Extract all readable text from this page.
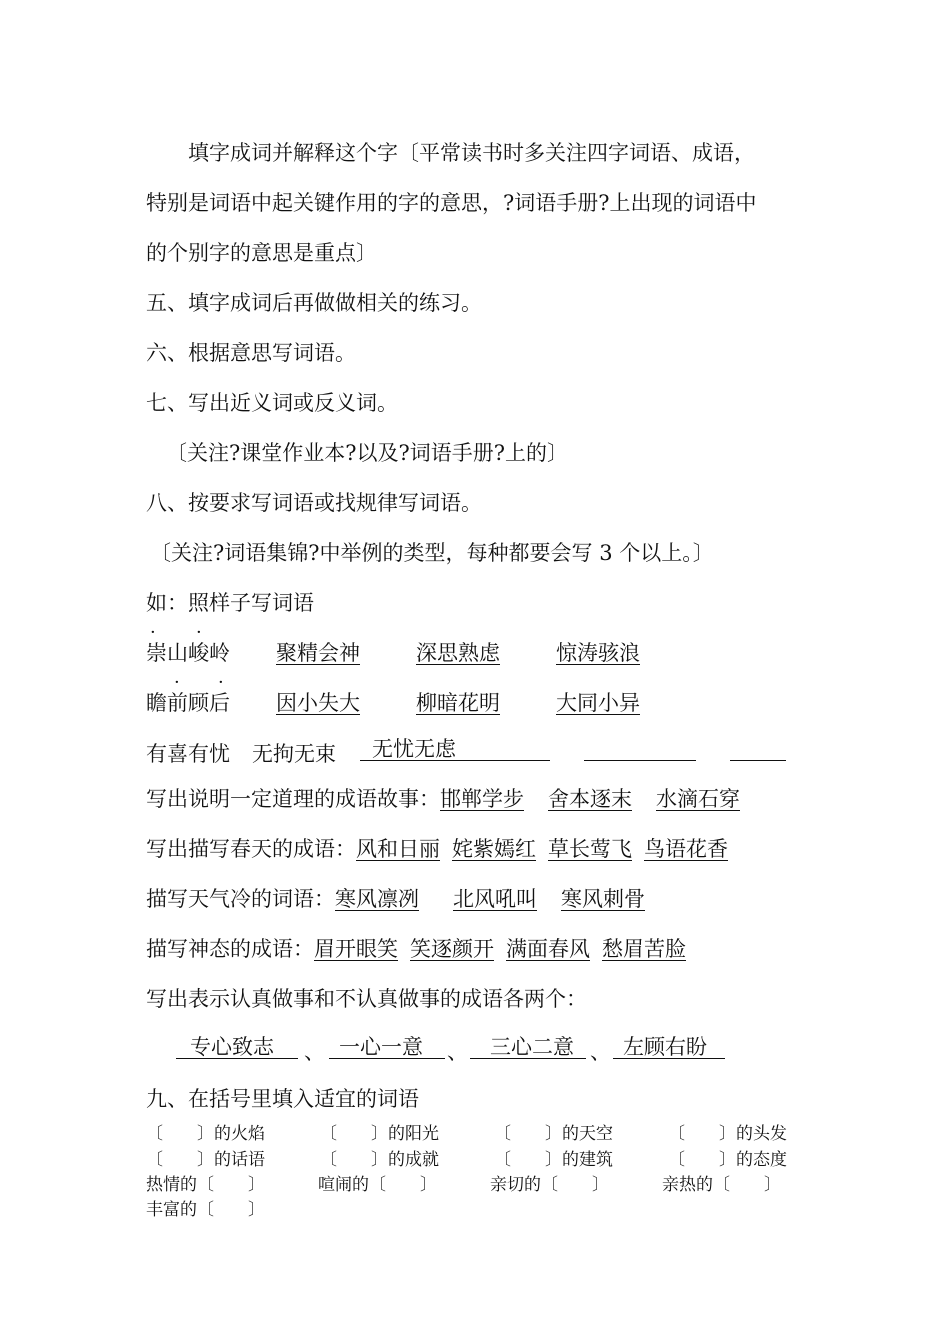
填字成词并解释这个字〔平常读书时多关注四字词语、成语，
特别是词语中起关键作用的字的意思，?词语手册?上出现的词语中
的个别字的意思是重点〕
五、填字成词后再做做相关的练习。
六、根据意思写词语。
七、写出近义词或反义词。
〔关注?课堂作业本?以及?词语手册?上的〕
八、按要求写词语或找规律写词语。
〔关注?词语集锦?中举例的类型，每种都要会写 3 个以上。〕
如：照样子写词语
· ·
崇山峻岭 聚精会神	深思熟虑	惊涛骇浪
· ·
瞻前顾后 因小失大	柳暗花明	大同小异
有喜有忧 无拘无束 无忧无虑
写出说明一定道理的成语故事：邯郸学步 舍本逐末 水滴石穿
写出描写春天的成语：风和日丽 姹紫嫣红 草长莺飞 鸟语花香
描写天气冷的词语：寒风凛冽 北风吼叫 寒风刺骨
描写神态的成语：眉开眼笑 笑逐颜开 满面春风 愁眉苦脸
写出表示认真做事和不认真做事的成语各两个：
专心致志 、 一心一意 、 三心二意 、 左顾右盼
九、在括号里填入适宜的词语
〔　　〕的火焰	〔　　〕的阳光	〔　　〕的天空	〔　　〕的头发
〔　　〕的话语	〔　　〕的成就	〔　　〕的建筑	〔　　〕的态度
热情的〔　　〕	喧闹的〔　　〕	亲切的〔　　〕	亲热的〔　　〕
丰富的〔　　〕
